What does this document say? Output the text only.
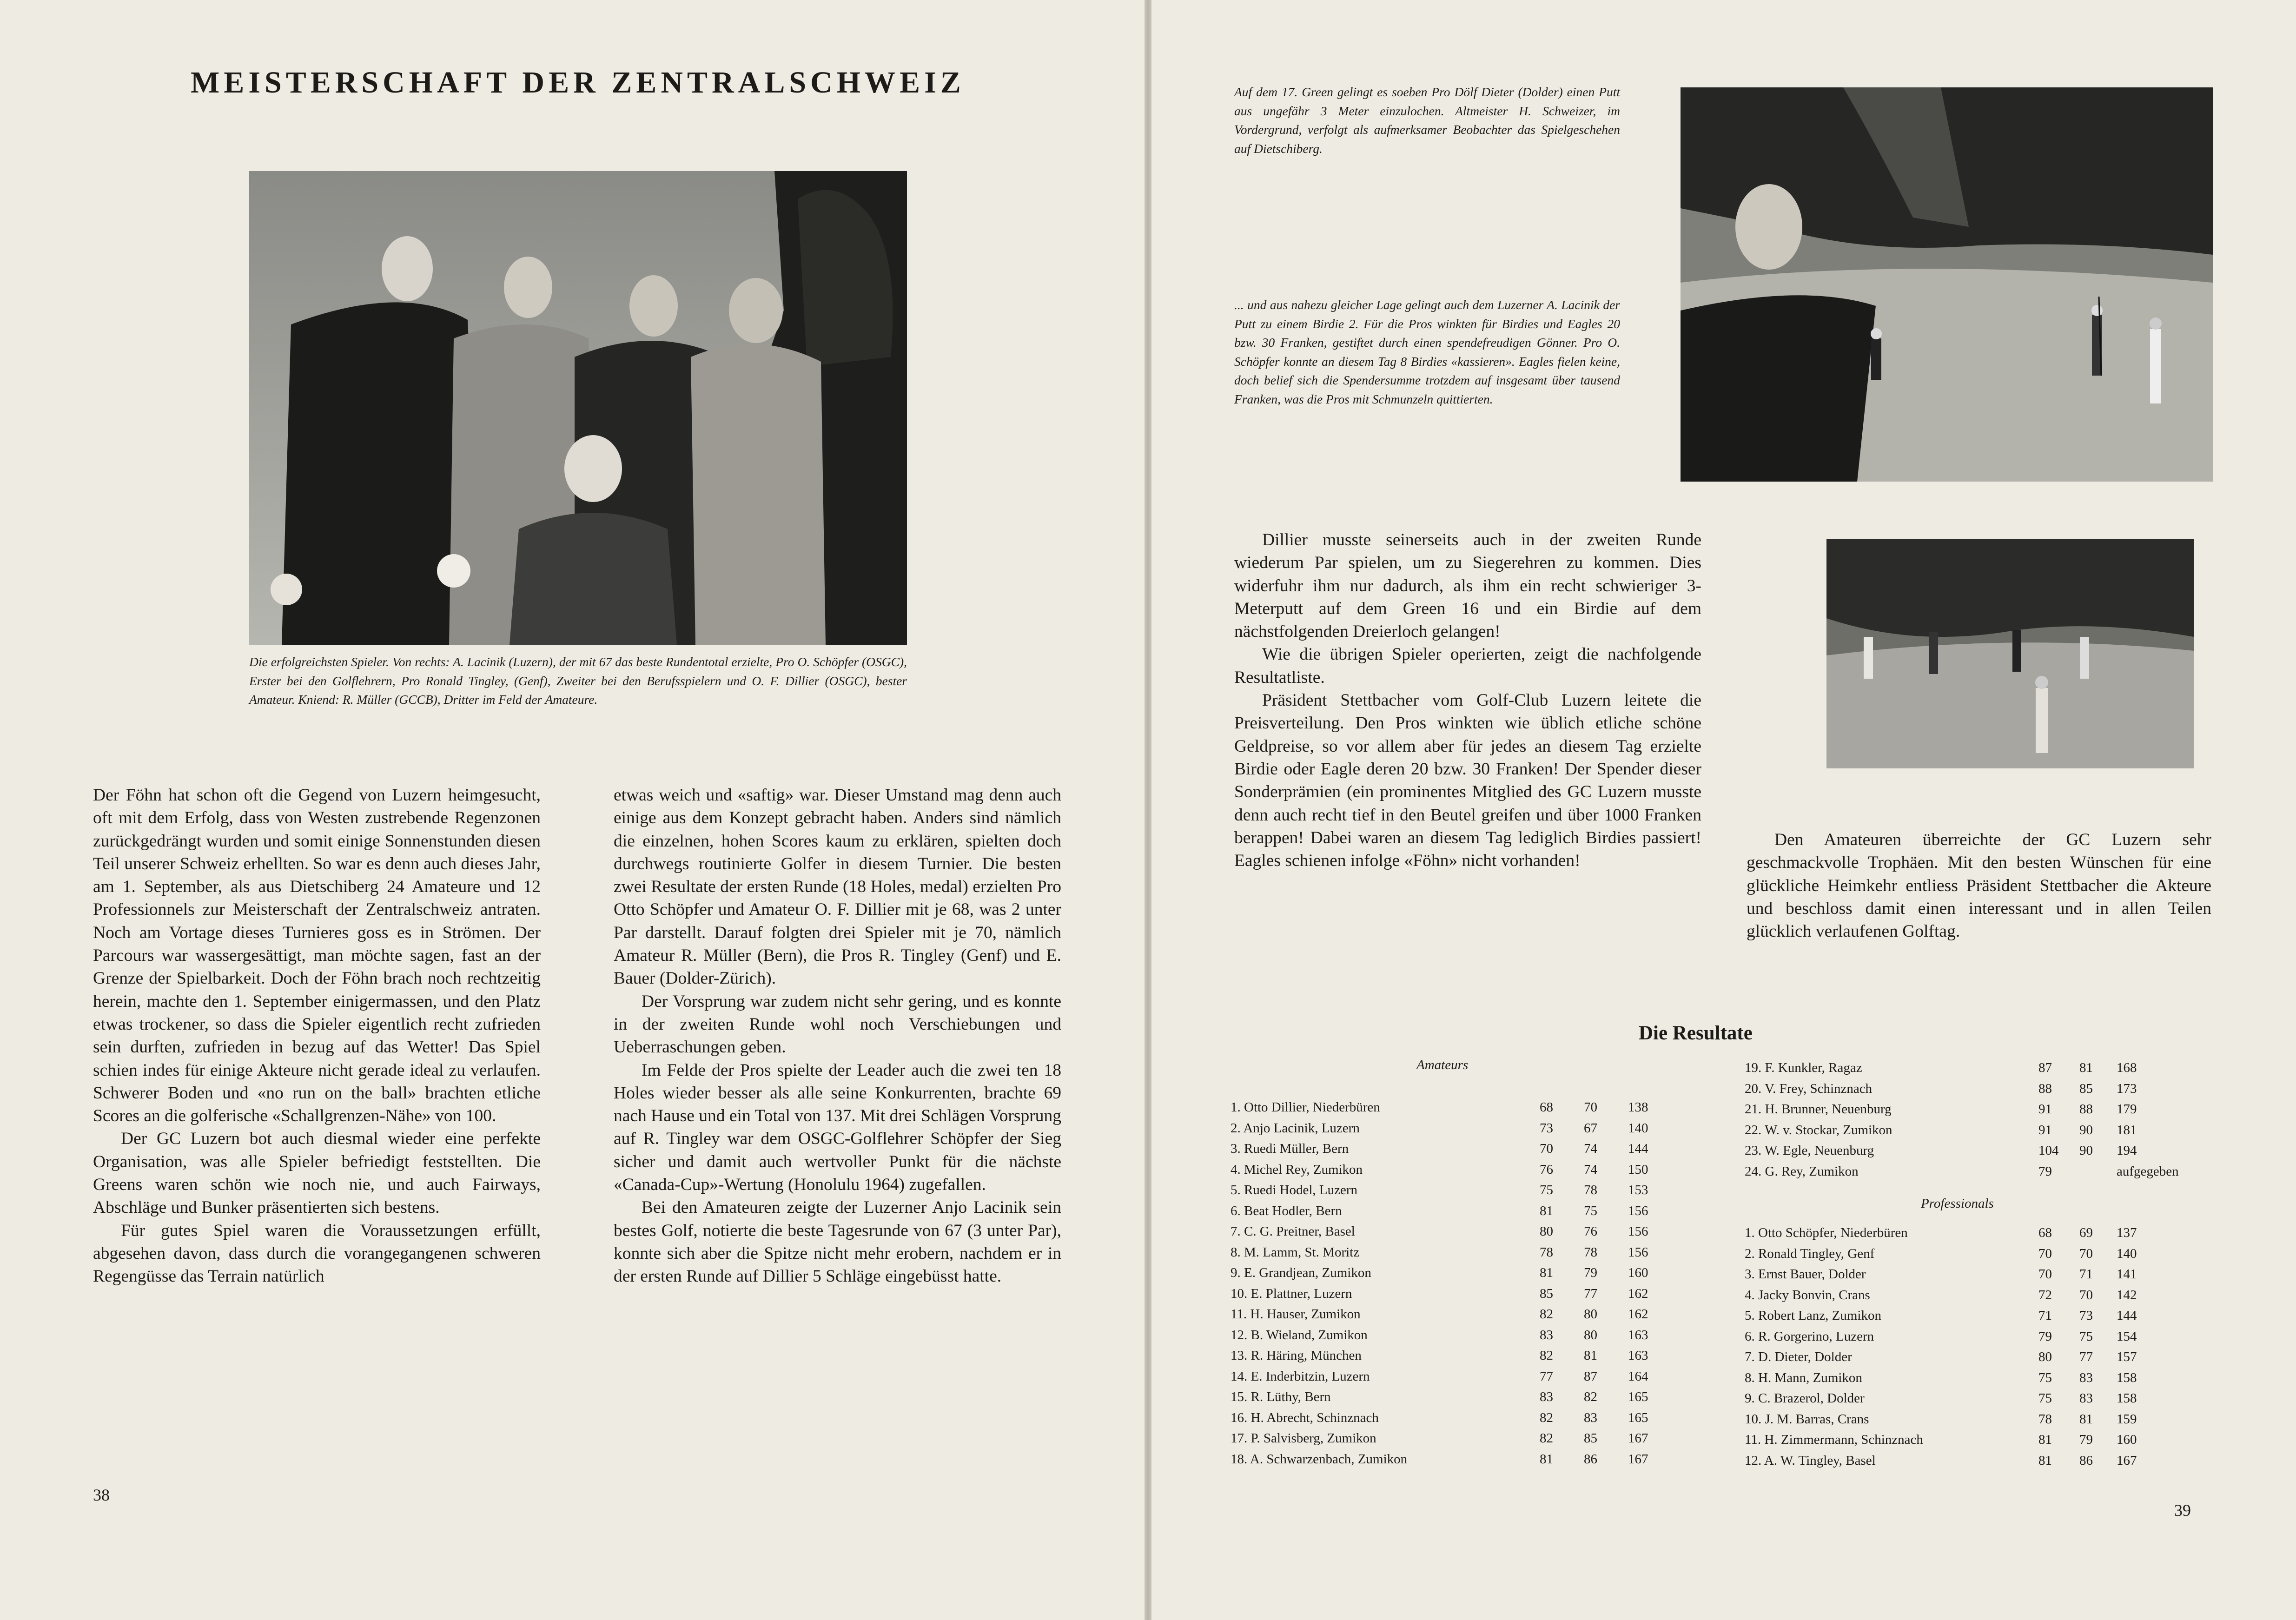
MEISTERSCHAFT DER ZENTRALSCHWEIZ

Die erfolgreichsten Spieler. Von rechts: A. Lacinik (Luzern), der mit 67 das beste Rundentotal erzielte, Pro O. Schöpfer (OSGC), Erster bei den Golflehrern, Pro Ronald Tingley, (Genf), Zweiter bei den Berufsspielern und O. F. Dillier (OSGC), bester Amateur. Kniend: R. Müller (GCCB), Dritter im Feld der Amateure.

Der Föhn hat schon oft die Gegend von Luzern heimgesucht, oft mit dem Erfolg, dass von Westen zustrebende Regenzonen zurückgedrängt wurden und somit einige Sonnenstunden diesen Teil unserer Schweiz erhellten. So war es denn auch dieses Jahr, am 1. September, als aus Dietschiberg 24 Amateure und 12 Professionnels zur Meisterschaft der Zentralschweiz antraten. Noch am Vortage dieses Turnieres goss es in Strömen. Der Parcours war wassergesättigt, man möchte sagen, fast an der Grenze der Spielbarkeit. Doch der Föhn brach noch rechtzeitig herein, machte den 1. September einigermassen, und den Platz etwas trockener, so dass die Spieler eigentlich recht zufrieden sein durften, zufrieden in bezug auf das Wetter! Das Spiel schien indes für einige Akteure nicht gerade ideal zu verlaufen. Schwerer Boden und «no run on the ball» brachten etliche Scores an die golferische «Schallgrenzen-Nähe» von 100.

Der GC Luzern bot auch diesmal wieder eine perfekte Organisation, was alle Spieler befriedigt feststellten. Die Greens waren schön wie noch nie, und auch Fairways, Abschläge und Bunker präsentierten sich bestens.

Für gutes Spiel waren die Voraussetzungen erfüllt, abgesehen davon, dass durch die vorangegangenen schweren Regengüsse das Terrain natürlich

etwas weich und «saftig» war. Dieser Umstand mag denn auch einige aus dem Konzept gebracht haben. Anders sind nämlich die einzelnen, hohen Scores kaum zu erklären, spielten doch durchwegs routinierte Golfer in diesem Turnier. Die besten zwei Resultate der ersten Runde (18 Holes, medal) erzielten Pro Otto Schöpfer und Amateur O. F. Dillier mit je 68, was 2 unter Par darstellt. Darauf folgten drei Spieler mit je 70, nämlich Amateur R. Müller (Bern), die Pros R. Tingley (Genf) und E. Bauer (Dolder-Zürich).

Der Vorsprung war zudem nicht sehr gering, und es konnte in der zweiten Runde wohl noch Verschiebungen und Ueberraschungen geben.

Im Felde der Pros spielte der Leader auch die zwei ten 18 Holes wieder besser als alle seine Konkurrenten, brachte 69 nach Hause und ein Total von 137. Mit drei Schlägen Vorsprung auf R. Tingley war dem OSGC-Golflehrer Schöpfer der Sieg sicher und damit auch wertvoller Punkt für die nächste «Canada-Cup»-Wertung (Honolulu 1964) zugefallen.

Bei den Amateuren zeigte der Luzerner Anjo Lacinik sein bestes Golf, notierte die beste Tagesrunde von 67 (3 unter Par), konnte sich aber die Spitze nicht mehr erobern, nachdem er in der ersten Runde auf Dillier 5 Schläge eingebüsst hatte.

38

Auf dem 17. Green gelingt es soeben Pro Dölf Dieter (Dolder) einen Putt aus ungefähr 3 Meter einzulochen. Altmeister H. Schweizer, im Vordergrund, verfolgt als aufmerksamer Beobachter das Spielgeschehen auf Dietschiberg.

... und aus nahezu gleicher Lage gelingt auch dem Luzerner A. Lacinik der Putt zu einem Birdie 2. Für die Pros winkten für Birdies und Eagles 20 bzw. 30 Franken, gestiftet durch einen spendefreudigen Gönner. Pro O. Schöpfer konnte an diesem Tag 8 Birdies «kassieren». Eagles fielen keine, doch belief sich die Spendersumme trotzdem auf insgesamt über tausend Franken, was die Pros mit Schmunzeln quittierten.

Dillier musste seinerseits auch in der zweiten Runde wiederum Par spielen, um zu Siegerehren zu kommen. Dies widerfuhr ihm nur dadurch, als ihm ein recht schwieriger 3-Meterputt auf dem Green 16 und ein Birdie auf dem nächstfolgenden Dreierloch gelangen!

Wie die übrigen Spieler operierten, zeigt die nachfolgende Resultatliste.

Präsident Stettbacher vom Golf-Club Luzern leitete die Preisverteilung. Den Pros winkten wie üblich etliche schöne Geldpreise, so vor allem aber für jedes an diesem Tag erzielte Birdie oder Eagle deren 20 bzw. 30 Franken! Der Spender dieser Sonderprämien (ein prominentes Mitglied des GC Luzern musste denn auch recht tief in den Beutel greifen und über 1000 Franken berappen! Dabei waren an diesem Tag lediglich Birdies passiert! Eagles schienen infolge «Föhn» nicht vorhanden!

Den Amateuren überreichte der GC Luzern sehr geschmackvolle Trophäen. Mit den besten Wünschen für eine glückliche Heimkehr entliess Präsident Stettbacher die Akteure und beschloss damit einen interessant und in allen Teilen glücklich verlaufenen Golftag.

Die Resultate
Amateurs
Professionals
1. Otto Dillier, Niederbüren	68 70 138
2. Anjo Lacinik, Luzern	73 67 140
3. Ruedi Müller, Bern	70 74 144
4. Michel Rey, Zumikon	76 74 150
5. Ruedi Hodel, Luzern	75 78 153
6. Beat Hodler, Bern	81 75 156
7. C. G. Preitner, Basel	80 76 156
8. M. Lamm, St. Moritz	78 78 156
9. E. Grandjean, Zumikon	81 79 160
10. E. Plattner, Luzern	85 77 162
11. H. Hauser, Zumikon	82 80 162
12. B. Wieland, Zumikon	83 80 163
13. R. Häring, München	82 81 163
14. E. Inderbitzin, Luzern	77 87 164
15. R. Lüthy, Bern	83 82 165
16. H. Abrecht, Schinznach	82 83 165
17. P. Salvisberg, Zumikon	82 85 167
18. A. Schwarzenbach, Zumikon	81 86 167
19. F. Kunkler, Ragaz	87 81 168
20. V. Frey, Schinznach	88 85 173
21. H. Brunner, Neuenburg	91 88 179
22. W. v. Stockar, Zumikon	91 90 181
23. W. Egle, Neuenburg	104 90 194
24. G. Rey, Zumikon	79	aufgegeben
1. Otto Schöpfer, Niederbüren	68 69 137
2. Ronald Tingley, Genf	70 70 140
3. Ernst Bauer, Dolder	70 71 141
4. Jacky Bonvin, Crans	72 70 142
5. Robert Lanz, Zumikon	71 73 144
6. R. Gorgerino, Luzern	79 75 154
7. D. Dieter, Dolder	80 77 157
8. H. Mann, Zumikon	75 83 158
9. C. Brazerol, Dolder	75 83 158
10. J. M. Barras, Crans	78 81 159
11. H. Zimmermann, Schinznach	81 79 160
12. A. W. Tingley, Basel	81 86 167
39
